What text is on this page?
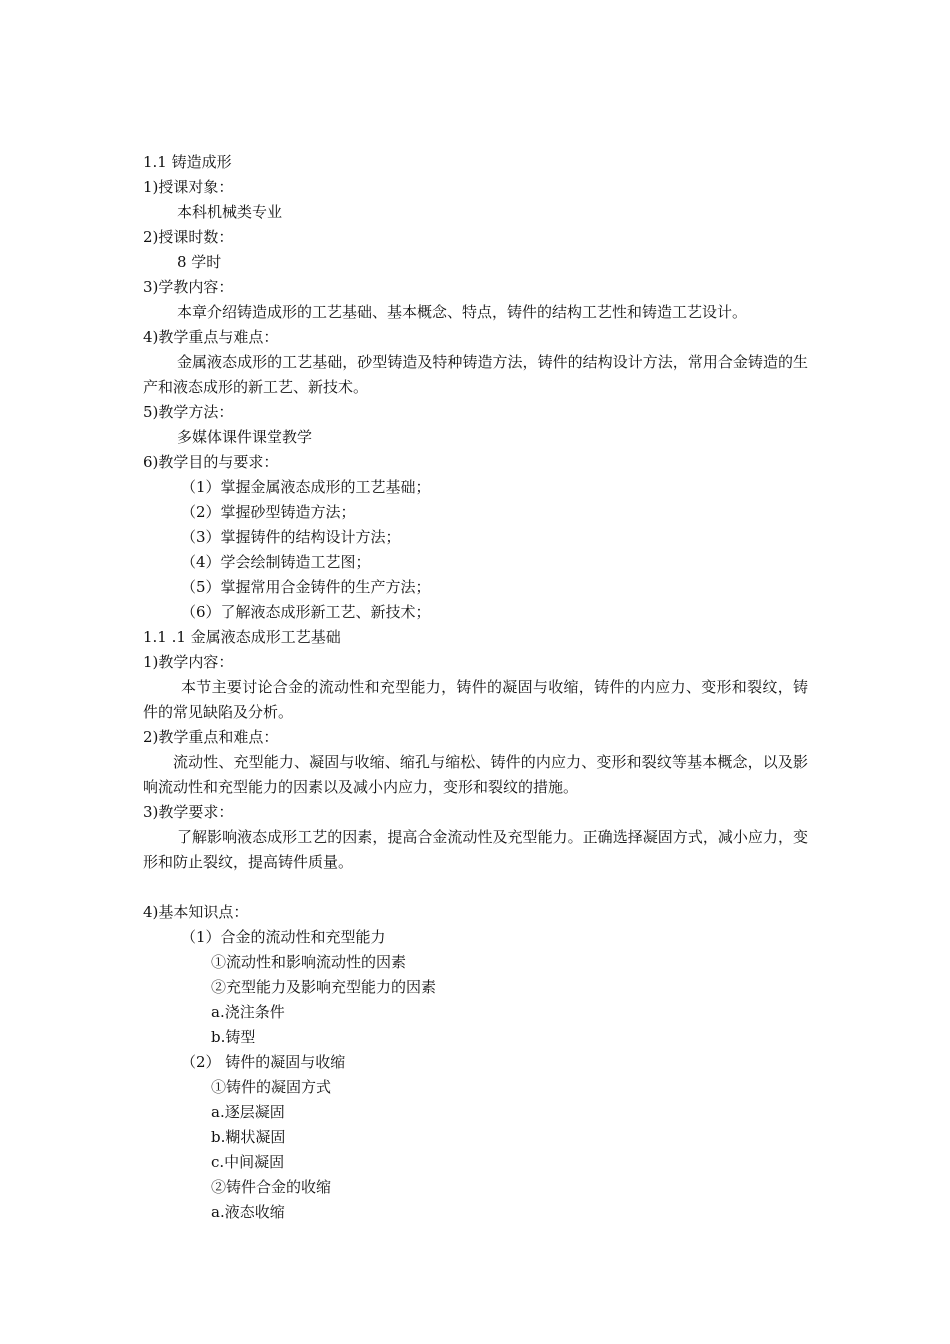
1.1 铸造成形
1)授课对象：
本科机械类专业
2)授课时数：
8 学时
3)学教内容：
本章介绍铸造成形的工艺基础、基本概念、特点，铸件的结构工艺性和铸造工艺设计。
4)教学重点与难点：
金属液态成形的工艺基础，砂型铸造及特种铸造方法，铸件的结构设计方法，常用合金铸造的生产和液态成形的新工艺、新技术。
5)教学方法：
多媒体课件课堂教学
6)教学目的与要求：
（1）掌握金属液态成形的工艺基础；
（2）掌握砂型铸造方法；
（3）掌握铸件的结构设计方法；
（4）学会绘制铸造工艺图；
（5）掌握常用合金铸件的生产方法；
（6）了解液态成形新工艺、新技术；
1.1 .1 金属液态成形工艺基础
1)教学内容：
本节主要讨论合金的流动性和充型能力，铸件的凝固与收缩，铸件的内应力、变形和裂纹，铸件的常见缺陷及分析。
2)教学重点和难点：
流动性、充型能力、凝固与收缩、缩孔与缩松、铸件的内应力、变形和裂纹等基本概念，以及影响流动性和充型能力的因素以及减小内应力，变形和裂纹的措施。
3)教学要求：
了解影响液态成形工艺的因素，提高合金流动性及充型能力。正确选择凝固方式，减小应力，变形和防止裂纹，提高铸件质量。
4)基本知识点：
（1）合金的流动性和充型能力
①流动性和影响流动性的因素
②充型能力及影响充型能力的因素
a.浇注条件
b.铸型
（2） 铸件的凝固与收缩
①铸件的凝固方式
a.逐层凝固
b.糊状凝固
c.中间凝固
②铸件合金的收缩
a.液态收缩
